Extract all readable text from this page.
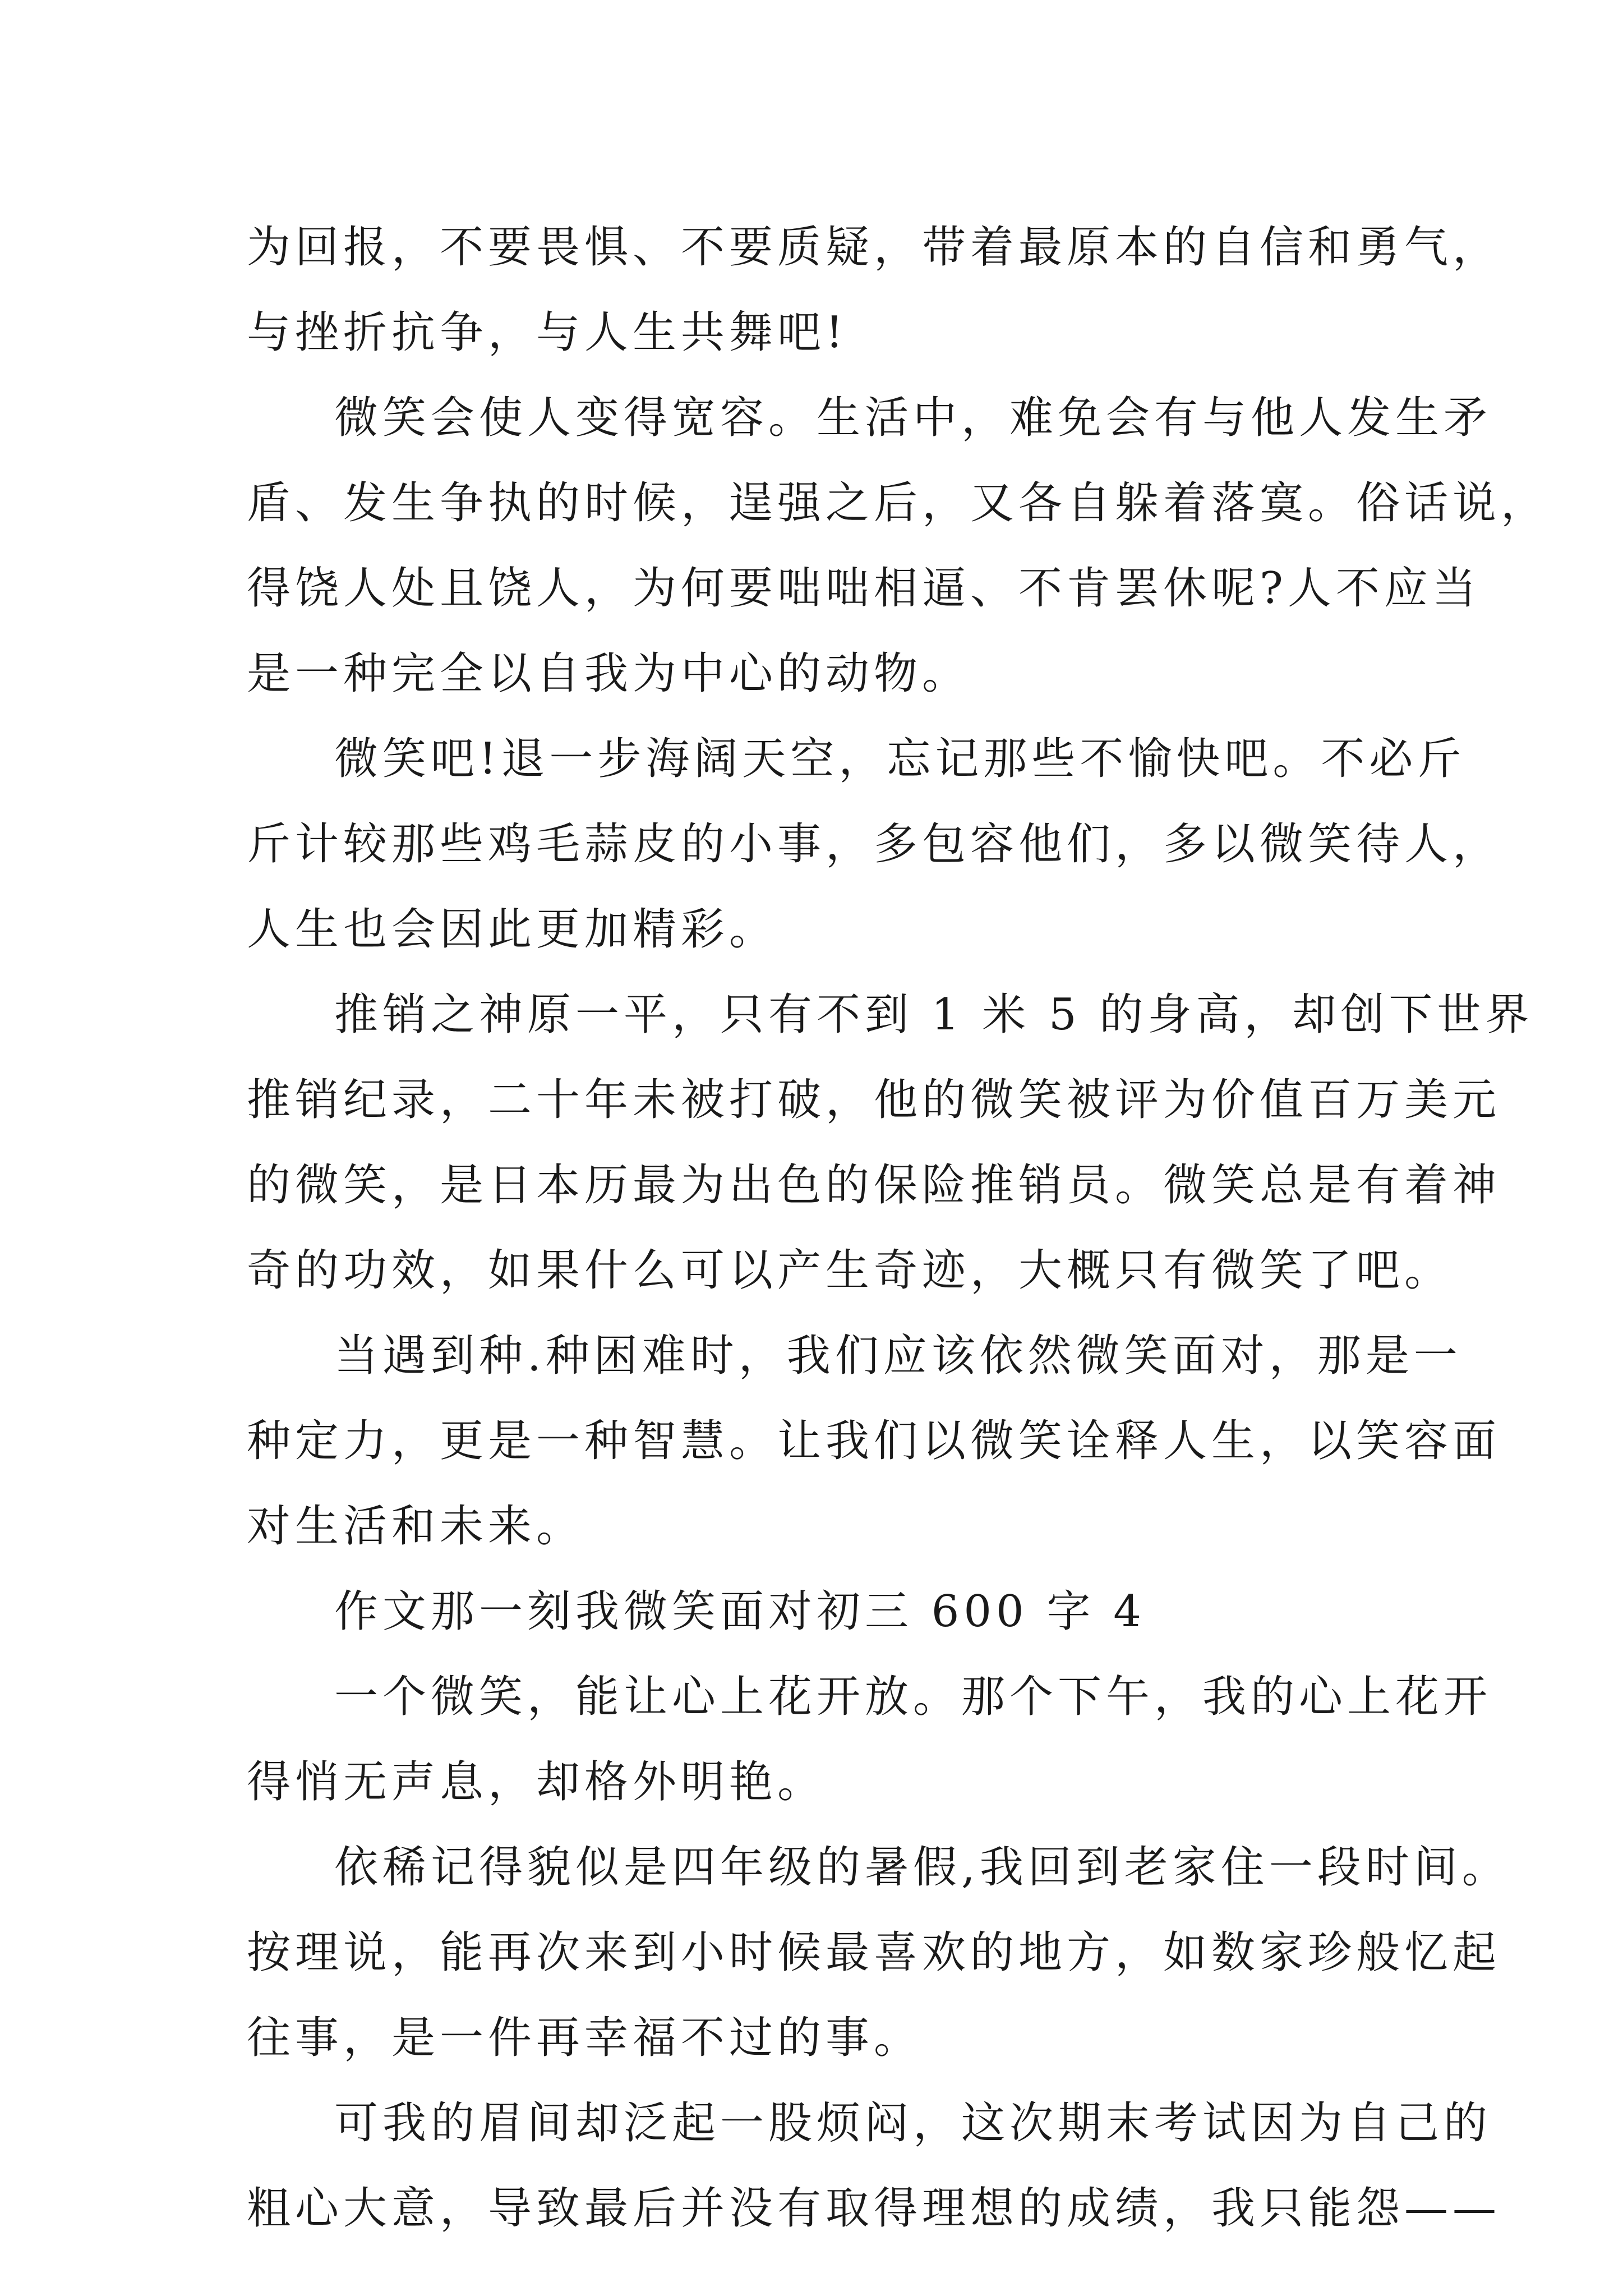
为回报，不要畏惧、不要质疑，带着最原本的自信和勇气，
与挫折抗争，与人生共舞吧!
微笑会使人变得宽容。生活中，难免会有与他人发生矛
盾、发生争执的时候，逞强之后，又各自躲着落寞。俗话说，
得饶人处且饶人，为何要咄咄相逼、不肯罢休呢?人不应当
是一种完全以自我为中心的动物。
微笑吧!退一步海阔天空，忘记那些不愉快吧。不必斤
斤计较那些鸡毛蒜皮的小事，多包容他们，多以微笑待人，
人生也会因此更加精彩。
推销之神原一平，只有不到 1 米 5 的身高，却创下世界
推销纪录，二十年未被打破，他的微笑被评为价值百万美元
的微笑，是日本历最为出色的保险推销员。微笑总是有着神
奇的功效，如果什么可以产生奇迹，大概只有微笑了吧。
当遇到种.种困难时，我们应该依然微笑面对，那是一
种定力，更是一种智慧。让我们以微笑诠释人生，以笑容面
对生活和未来。
作文那一刻我微笑面对初三 600 字 4
一个微笑，能让心上花开放。那个下午，我的心上花开
得悄无声息，却格外明艳。
依稀记得貌似是四年级的暑假,我回到老家住一段时间。
按理说，能再次来到小时候最喜欢的地方，如数家珍般忆起
往事，是一件再幸福不过的事。
可我的眉间却泛起一股烦闷，这次期末考试因为自己的
粗心大意，导致最后并没有取得理想的成绩，我只能怨——
